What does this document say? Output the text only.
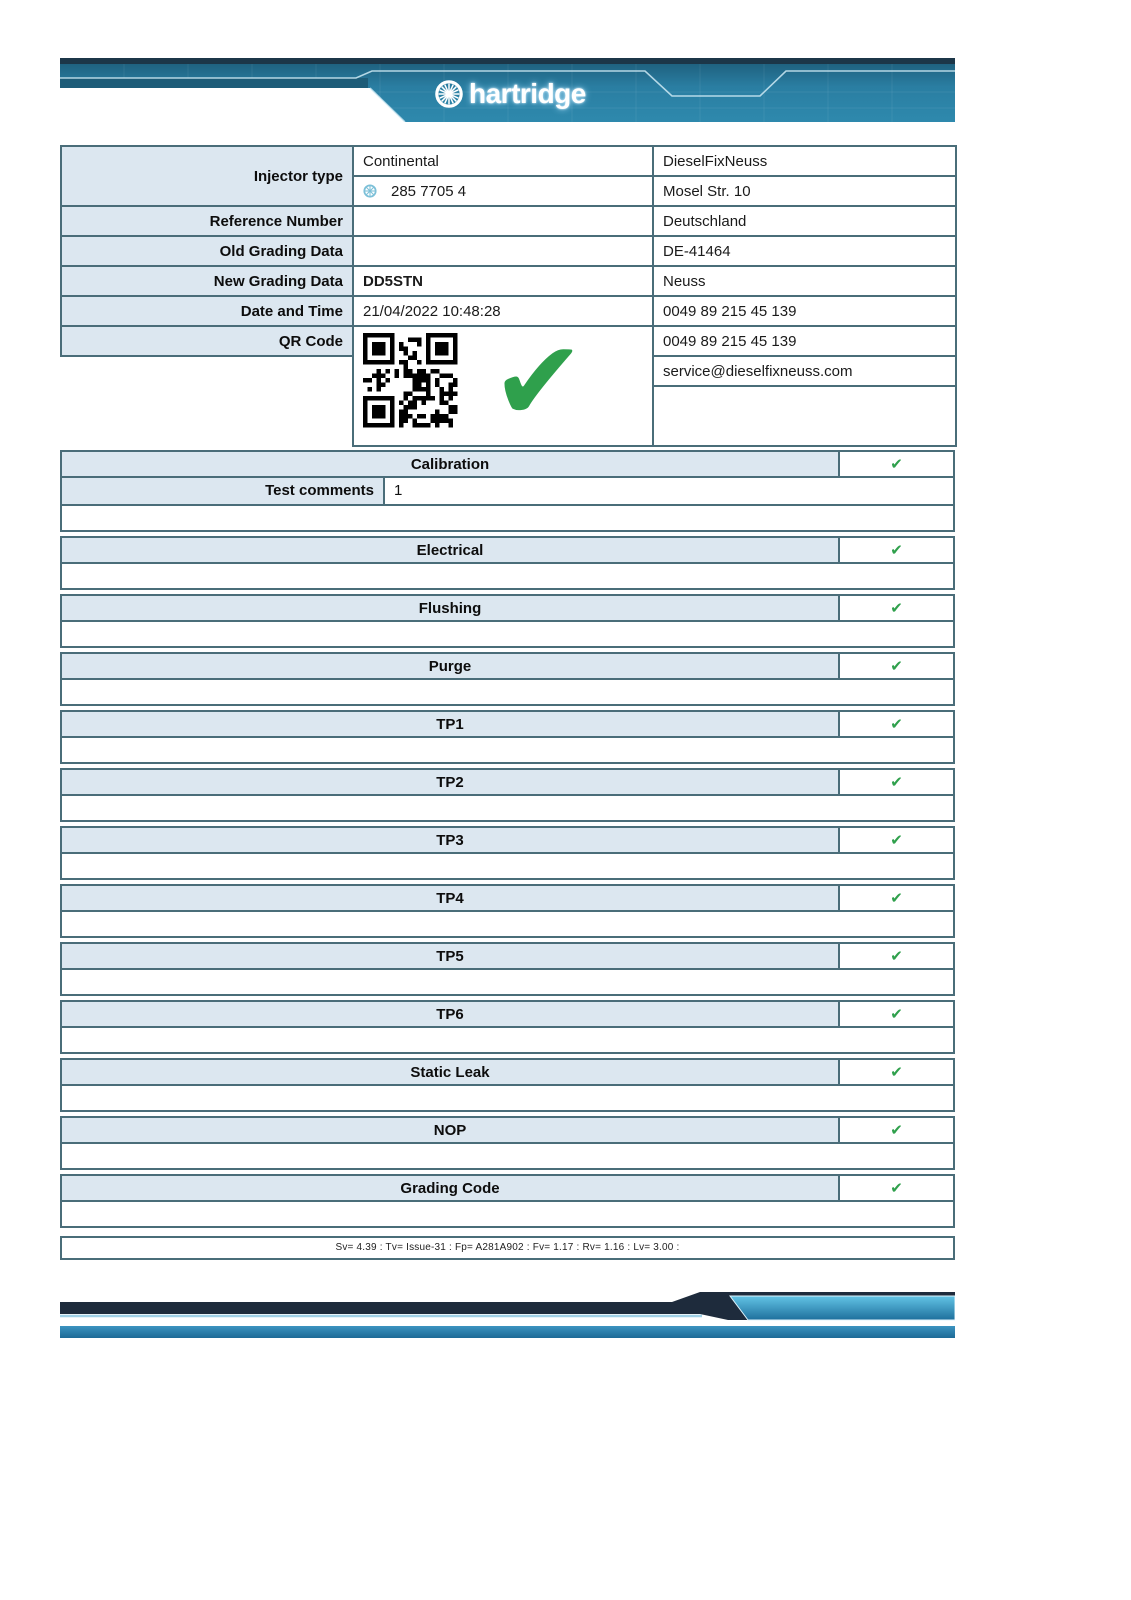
hartridge
Injector type	Continental	DieselFixNeuss

	285 7705 4	Mosel Str. 10
Reference Number		Deutschland
Old Grading Data		DE-41464
New Grading Data	DD5STN	Neuss
Date and Time	21/04/2022 10:48:28	0049 89 215 45 139
QR Code	✔	0049 89 215 45 139
		service@dieselfixneuss.com

Calibration	✔
Test comments	1
Electrical	✔
Flushing	✔
Purge	✔
TP1	✔
TP2	✔
TP3	✔
TP4	✔
TP5	✔
TP6	✔
Static Leak	✔
NOP	✔
Grading Code	✔
Sv= 4.39 : Tv= Issue-31 : Fp= A281A902 : Fv= 1.17 : Rv= 1.16 : Lv= 3.00 :
